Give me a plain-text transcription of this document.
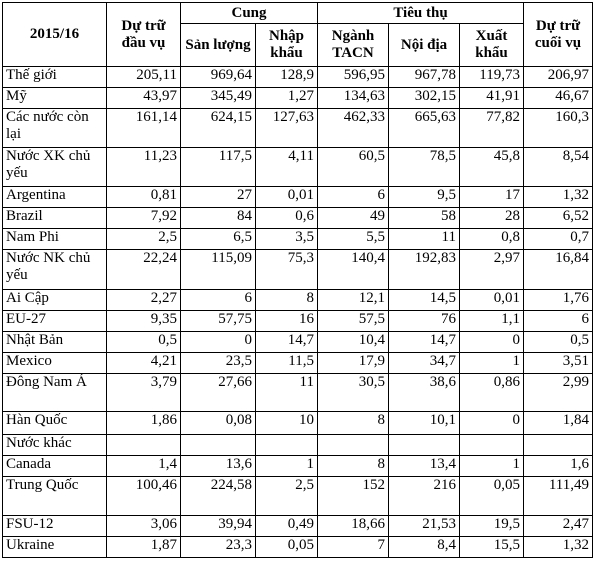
2015/16	Dự trữ đầu vụ	Cung		Tiêu thụ			Dự trữ cuối vụ
		Sản lượng	Nhập khẩu	Ngành TACN	Nội địa	Xuất khẩu	
Thế giới	205,11	969,64	128,9	596,95	967,78	119,73	206,97
Mỹ	43,97	345,49	1,27	134,63	302,15	41,91	46,67
Các nước còn lại	161,14	624,15	127,63	462,33	665,63	77,82	160,3
Nước XK chủ yếu	11,23	117,5	4,11	60,5	78,5	45,8	8,54
Argentina	0,81	27	0,01	6	9,5	17	1,32
Brazil	7,92	84	0,6	49	58	28	6,52
Nam Phi	2,5	6,5	3,5	5,5	11	0,8	0,7
Nước NK chủ yếu	22,24	115,09	75,3	140,4	192,83	2,97	16,84
Ai Cập	2,27	6	8	12,1	14,5	0,01	1,76
EU-27	9,35	57,75	16	57,5	76	1,1	6
Nhật Bản	0,5	0	14,7	10,4	14,7	0	0,5
Mexico	4,21	23,5	11,5	17,9	34,7	1	3,51
Đông Nam Á	3,79	27,66	11	30,5	38,6	0,86	2,99
Hàn Quốc	1,86	0,08	10	8	10,1	0	1,84
Nước khác							
Canada	1,4	13,6	1	8	13,4	1	1,6
Trung Quốc	100,46	224,58	2,5	152	216	0,05	111,49
FSU-12	3,06	39,94	0,49	18,66	21,53	19,5	2,47
Ukraine	1,87	23,3	0,05	7	8,4	15,5	1,32
